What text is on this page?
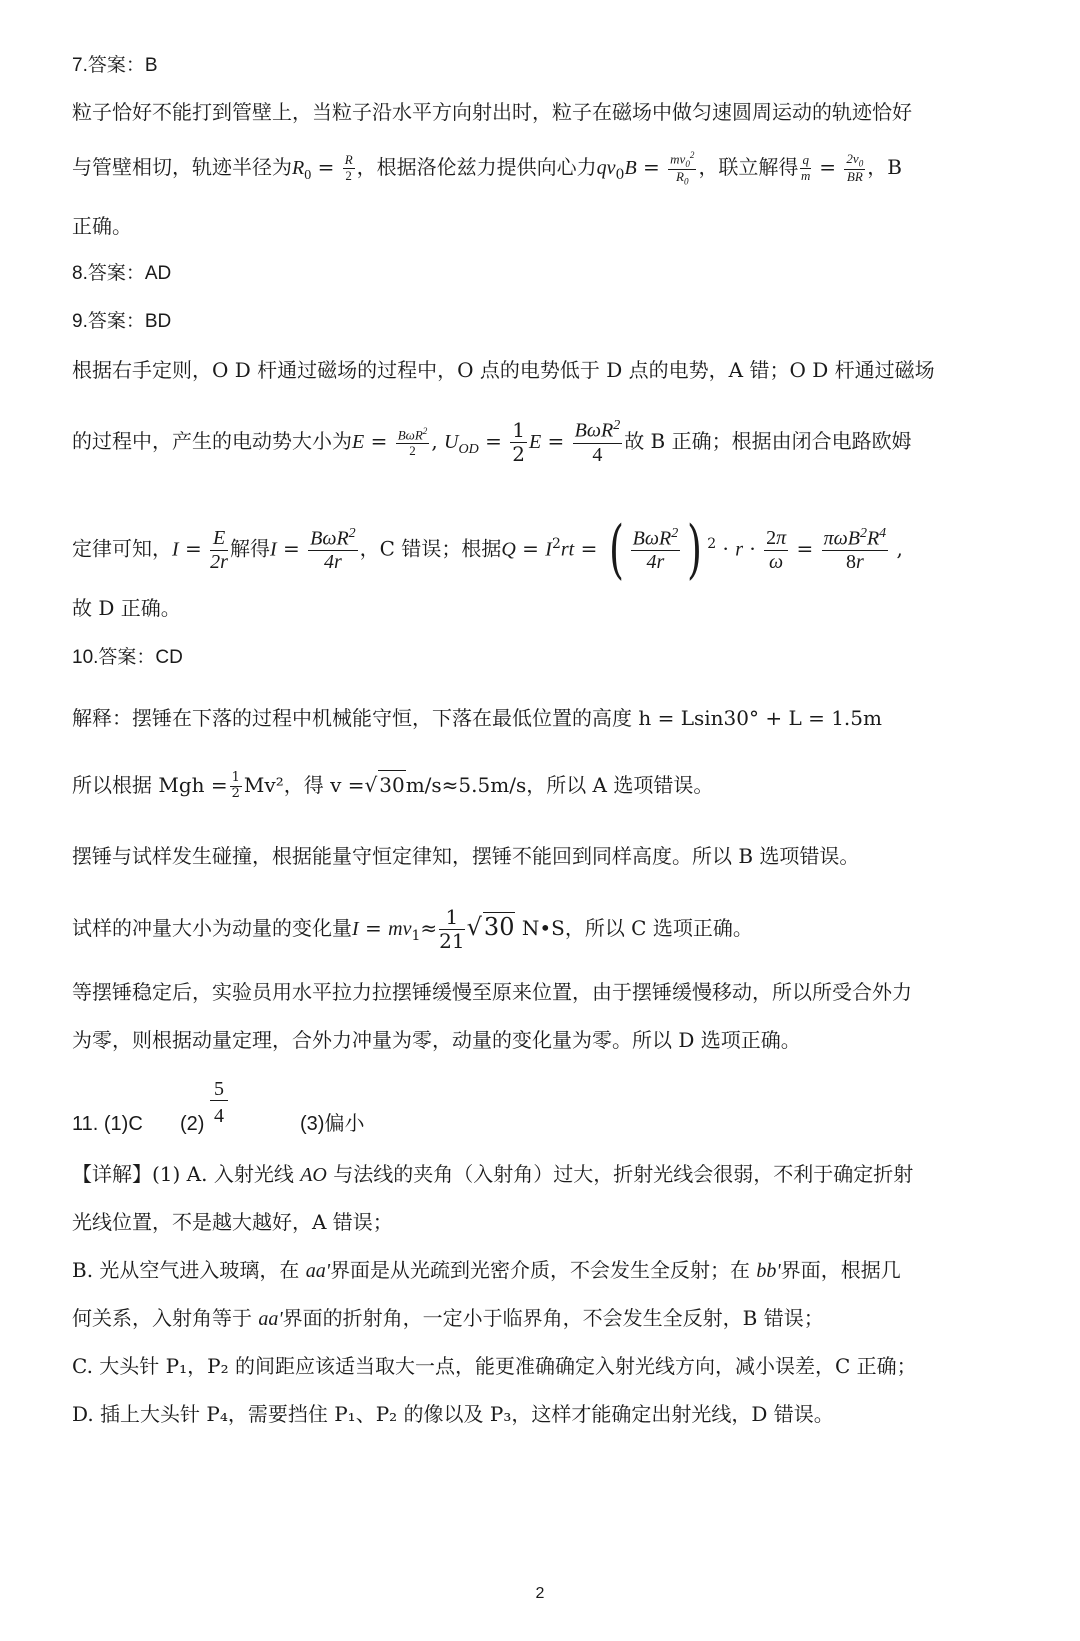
7.答案：B
粒子恰好不能打到管壁上，当粒子沿水平方向射出时，粒子在磁场中做匀速圆周运动的轨迹恰好
与管壁相切，轨迹半径为$R_0 = \frac{R}{2}$ ，根据洛伦兹力提供向心力$qv_0B = \frac{mv_0^2}{R_0}$ ，联立解得 $\frac{q}{m} = \frac{2v_0}{BR}$ ，B
正确。
8.答案：AD
9.答案：BD
根据右手定则，O D 杆通过磁场的过程中，O 点的电势低于 D 点的电势，A 错；O D 杆通过磁场
的过程中，产生的电动势大小为$E = \frac{B\omega R^2}{2}$ , $U_{OD} = \frac{1}{2}$ $E = \frac{B\omega R^2}{4}$ 故 B 正确；根据由闭合电路欧姆
定律可知，$I = \frac{E}{2r}$ 解得$I = \frac{B\omega R^2}{4r}$ ，C 错误；根据$Q = I^2rt$ = ( $\frac{B\omega R^2}{4r}$ ) $^2 \cdot r \cdot \frac{2\pi}{\omega} = \frac{\pi\omega B^2R^4}{8r}$ ,
故 D 正确。
10.答案：CD
解释：摆锤在下落的过程中机械能守恒，下落在最低位置的高度 h = Lsin30° + L = 1.5m
所以根据 Mgh = $\frac{1}{2} Mv^2$，得 v =√ 30m/s≈5.5m/s，所以 A 选项错误。
摆锤与试样发生碰撞，根据能量守恒定律知，摆锤不能回到同样高度。所以 B 选项错误。
试样的冲量大小为动量的变化量$I = mv_1\approx \frac{1}{21} √30$ N•S，所以 C 选项正确。
等摆锤稳定后，实验员用水平拉力拉摆锤缓慢至原来位置，由于摆锤缓慢移动，所以所受合外力
为零，则根据动量定理，合外力冲量为零，动量的变化量为零。所以 D 选项正确。
11. (1)C (2)
5
4	(3)偏小
【详解】(1) A. 入射光线 AO 与法线的夹角（入射角）过大，折射光线会很弱，不利于确定折射
光线位置，不是越大越好，A 错误；
B. 光从空气进入玻璃，在 aa'界面是从光疏到光密介质，不会发生全反射；在 bb'界面，根据几
何关系，入射角等于 aa'界面的折射角，一定小于临界角，不会发生全反射，B 错误；
C. 大头针 P₁，P₂ 的间距应该适当取大一点，能更准确确定入射光线方向，减小误差，C 正确；
D. 插上大头针 P₄，需要挡住 P₁、P₂ 的像以及 P₃，这样才能确定出射光线，D 错误。
2
